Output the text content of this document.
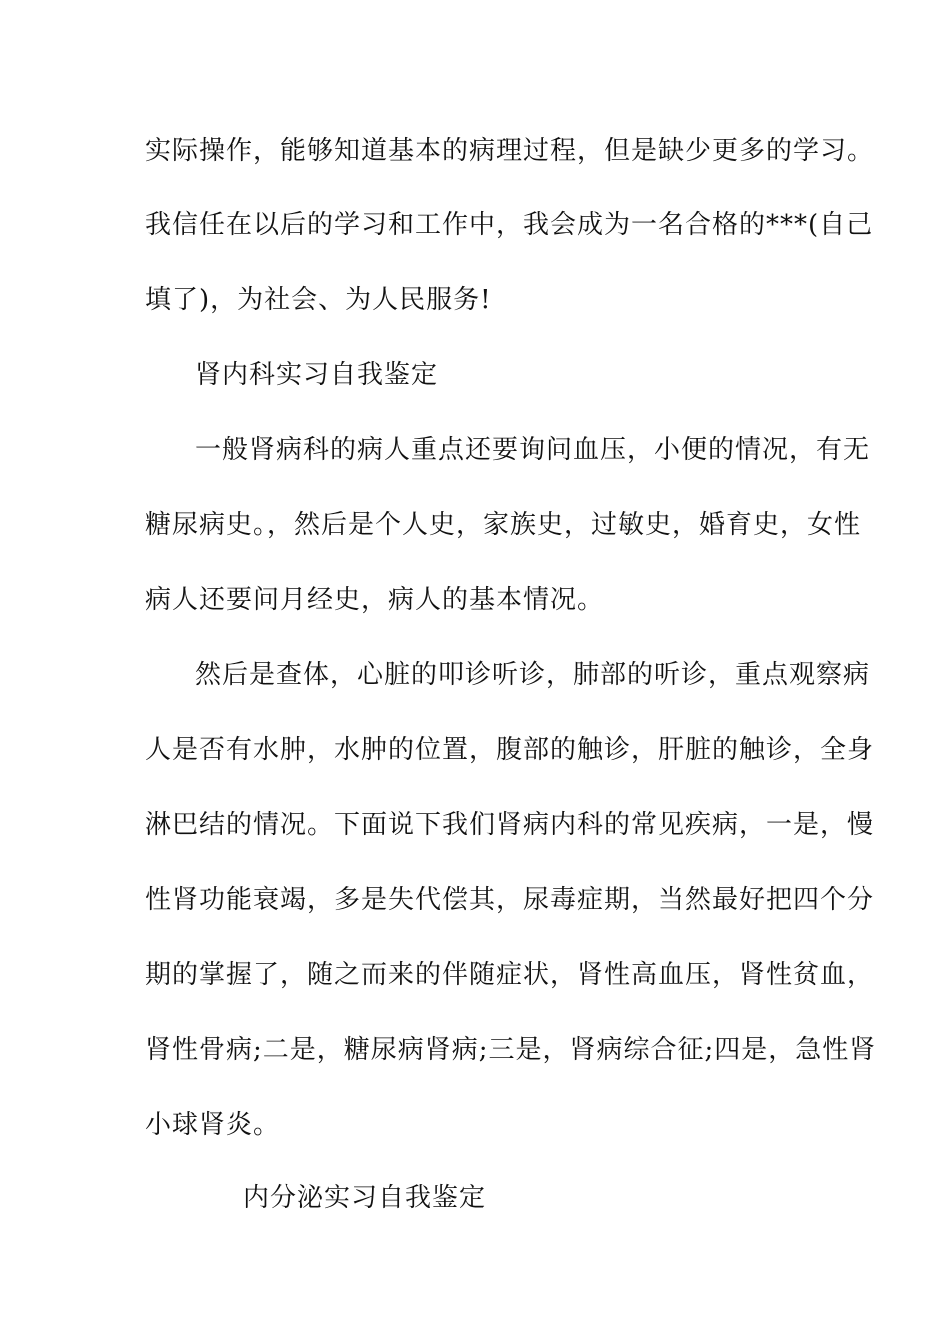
实际操作，能够知道基本的病理过程，但是缺少更多的学习。
我信任在以后的学习和工作中，我会成为一名合格的***(自己
填了)，为社会、为人民服务!
肾内科实习自我鉴定
一般肾病科的病人重点还要询问血压，小便的情况，有无
糖尿病史。，然后是个人史，家族史，过敏史，婚育史，女性
病人还要问月经史，病人的基本情况。
然后是查体，心脏的叩诊听诊，肺部的听诊，重点观察病
人是否有水肿，水肿的位置，腹部的触诊，肝脏的触诊，全身
淋巴结的情况。下面说下我们肾病内科的常见疾病，一是，慢
性肾功能衰竭，多是失代偿其，尿毒症期，当然最好把四个分
期的掌握了，随之而来的伴随症状，肾性高血压，肾性贫血，
肾性骨病;二是，糖尿病肾病;三是，肾病综合征;四是，急性肾
小球肾炎。
内分泌实习自我鉴定
